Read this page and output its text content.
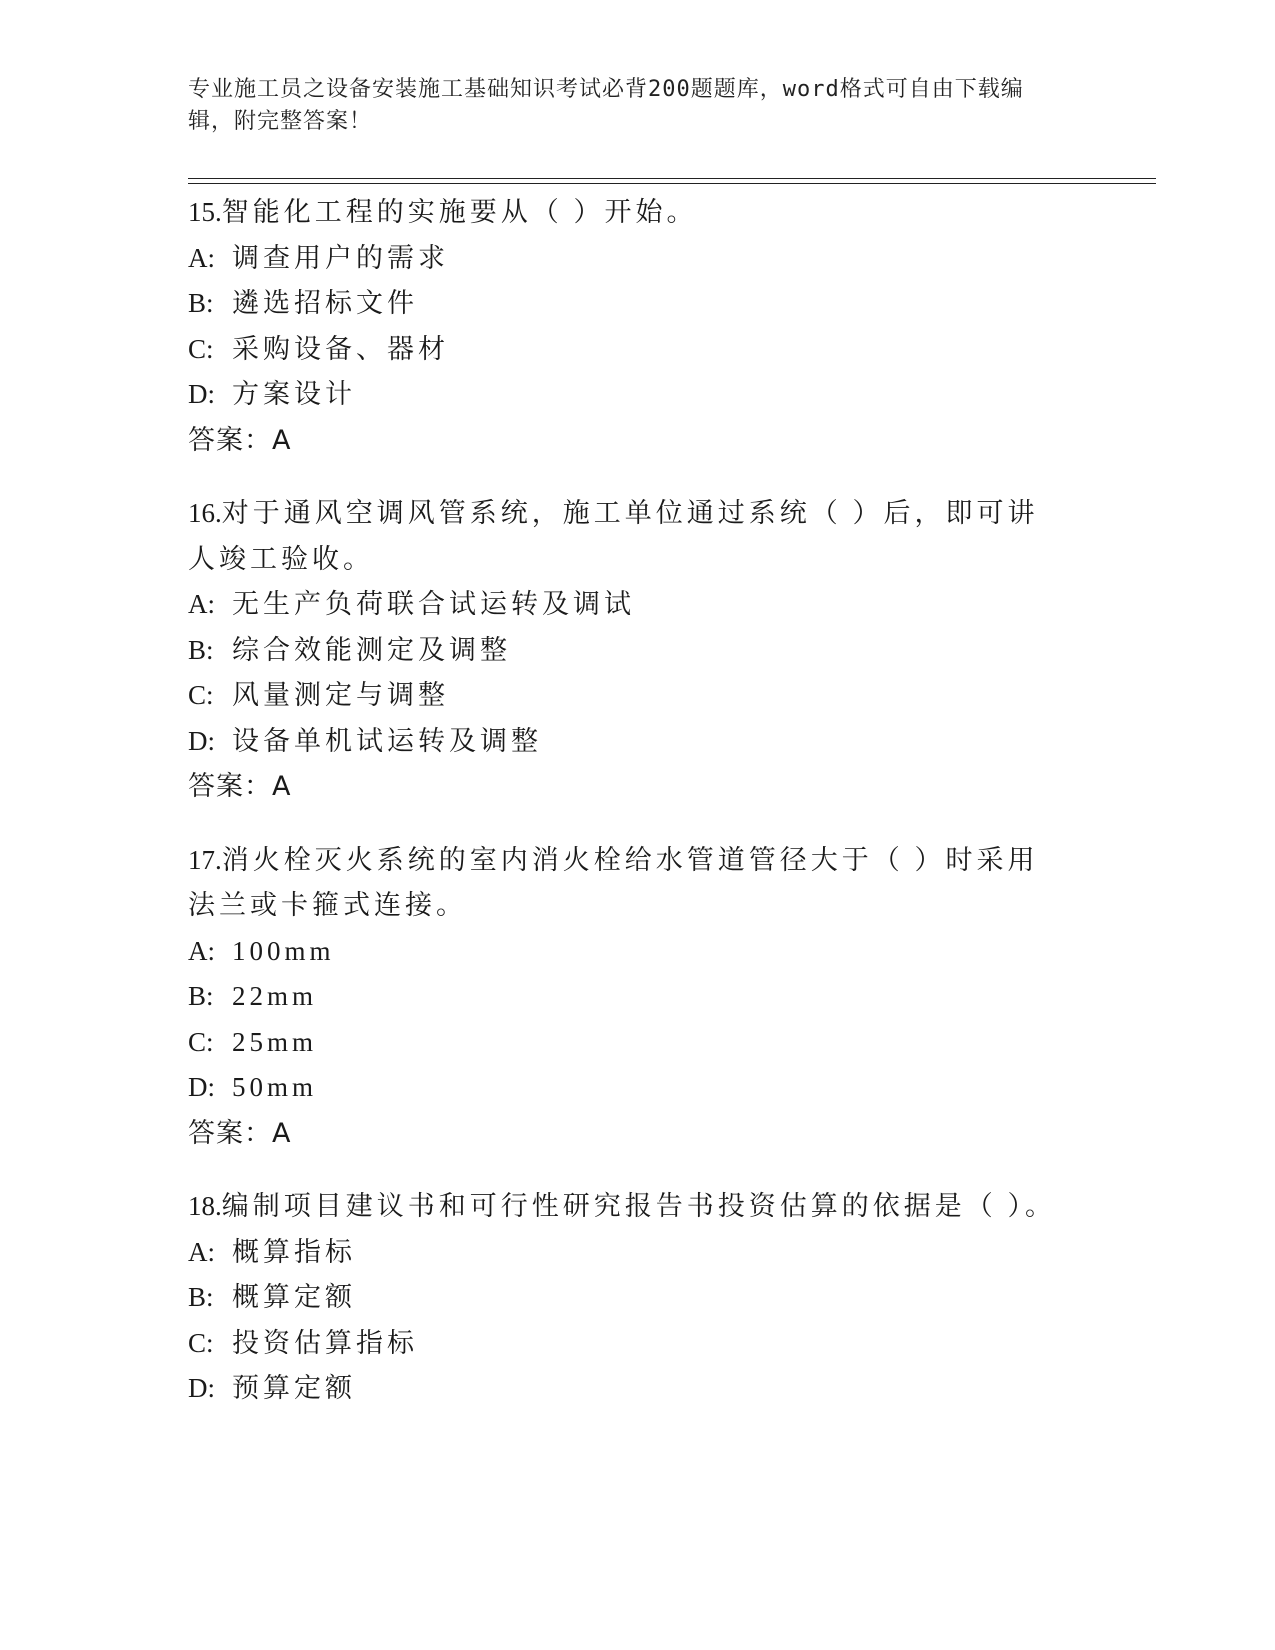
专业施工员之设备安装施工基础知识考试必背200题题库，word格式可自由下载编辑，附完整答案！

15.智能化工程的实施要从（ ）开始。

A: 调查用户的需求

B: 遴选招标文件

C: 采购设备、器材

D: 方案设计

答案：A

16.对于通风空调风管系统，施工单位通过系统（ ）后，即可讲人竣工验收。

A: 无生产负荷联合试运转及调试

B: 综合效能测定及调整

C: 风量测定与调整

D: 设备单机试运转及调整

答案：A

17.消火栓灭火系统的室内消火栓给水管道管径大于（ ）时采用法兰或卡箍式连接。

A: 100mm

B: 22mm

C: 25mm

D: 50mm

答案：A

18.编制项目建议书和可行性研究报告书投资估算的依据是（ ）。

A: 概算指标

B: 概算定额

C: 投资估算指标

D: 预算定额
